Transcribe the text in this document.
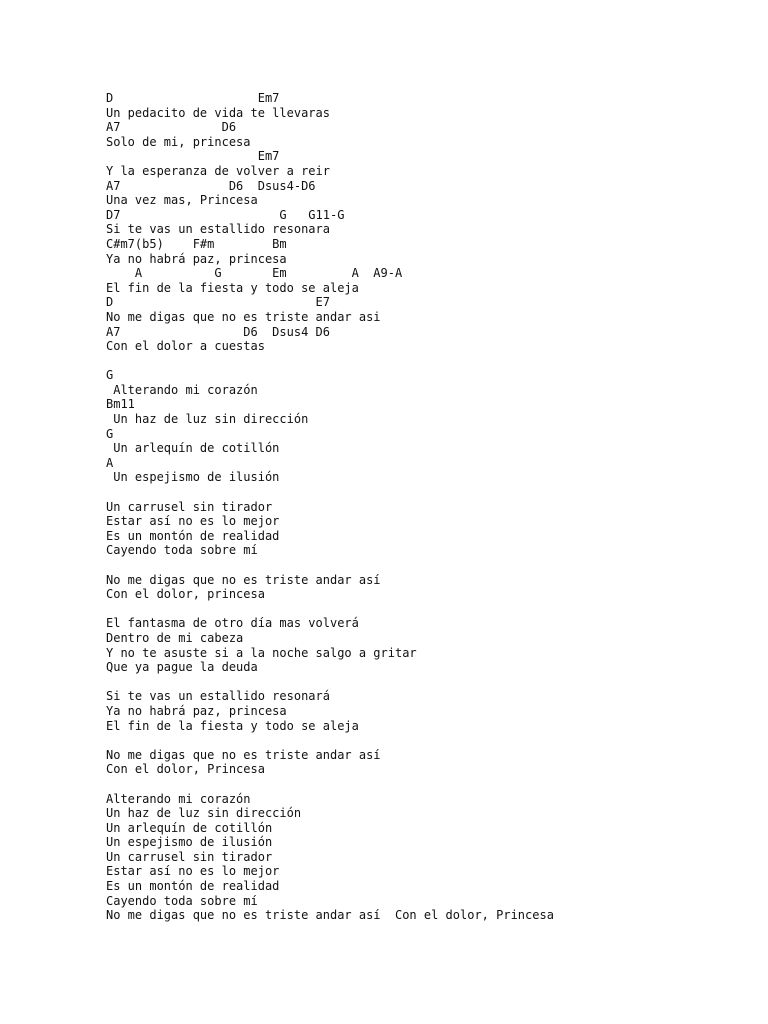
D                    Em7
Un pedacito de vida te llevaras
A7              D6
Solo de mi, princesa
Em7
Y la esperanza de volver a reir
A7               D6  Dsus4-D6
Una vez mas, Princesa
D7                      G   G11-G
Si te vas un estallido resonara
C#m7(b5)    F#m        Bm
Ya no habrá paz, princesa
A          G       Em         A  A9-A
El fin de la fiesta y todo se aleja
D                            E7
No me digas que no es triste andar asi
A7                 D6  Dsus4 D6
Con el dolor a cuestas
G
Alterando mi corazón
Bm11
Un haz de luz sin dirección
G
Un arlequín de cotillón
A
Un espejismo de ilusión
Un carrusel sin tirador
Estar así no es lo mejor
Es un montón de realidad
Cayendo toda sobre mí
No me digas que no es triste andar así
Con el dolor, princesa
El fantasma de otro día mas volverá
Dentro de mi cabeza
Y no te asuste si a la noche salgo a gritar
Que ya pague la deuda
Si te vas un estallido resonará
Ya no habrá paz, princesa
El fin de la fiesta y todo se aleja
No me digas que no es triste andar así
Con el dolor, Princesa
Alterando mi corazón
Un haz de luz sin dirección
Un arlequín de cotillón
Un espejismo de ilusión
Un carrusel sin tirador
Estar así no es lo mejor
Es un montón de realidad
Cayendo toda sobre mí
No me digas que no es triste andar así  Con el dolor, Princesa
